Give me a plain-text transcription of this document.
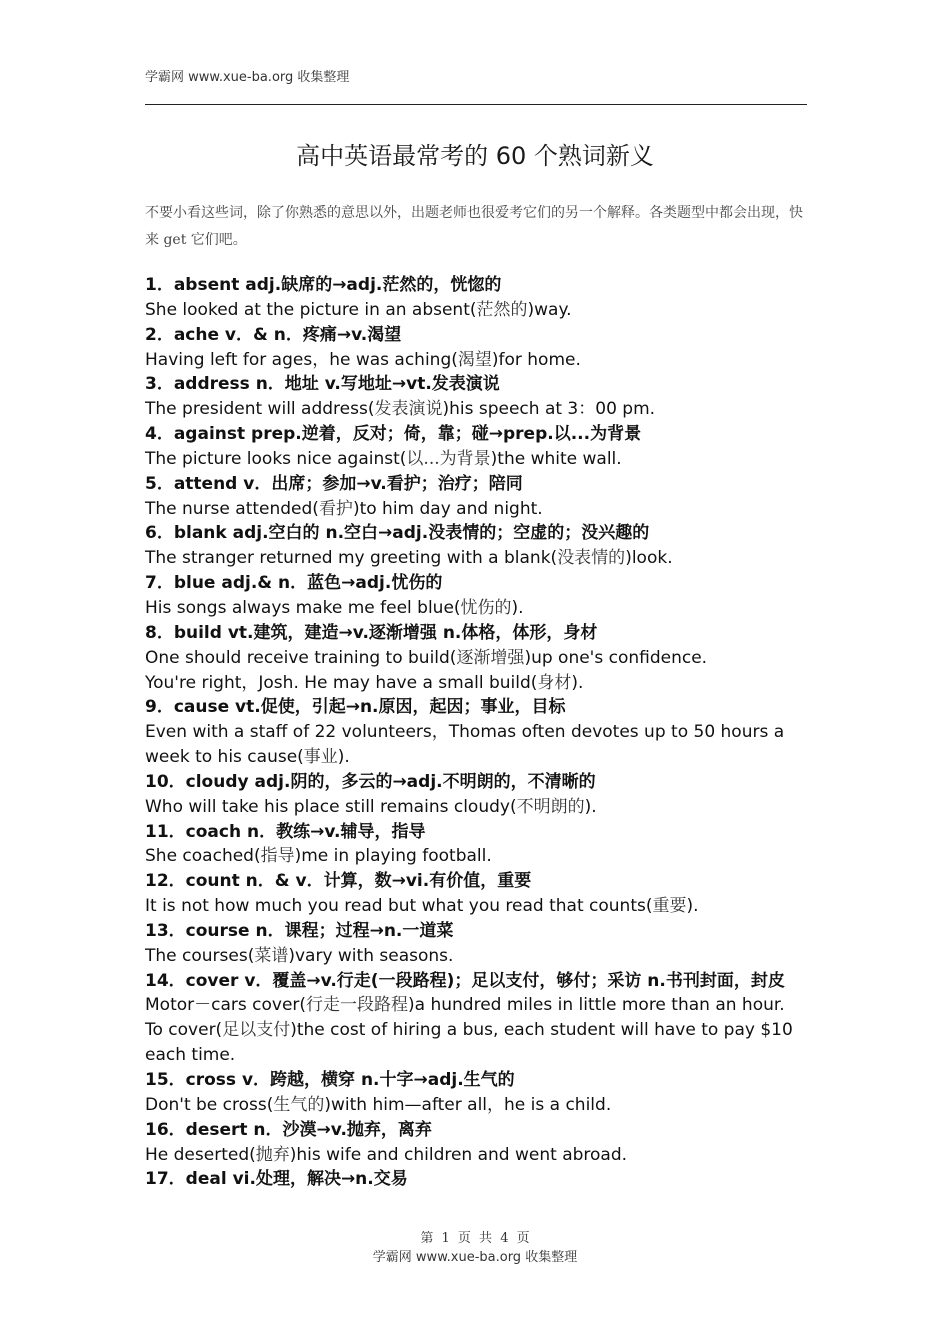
学霸网 www.xue-ba.org 收集整理
高中英语最常考的 60 个熟词新义
不要小看这些词，除了你熟悉的意思以外，出题老师也很爱考它们的另一个解释。各类题型中都会出现，快来 get 它们吧。

1．absent adj.缺席的→adj.茫然的，恍惚的

She looked at the picture in an absent(茫然的)way.

2．ache v．& n．疼痛→v.渴望

Having left for ages，he was aching(渴望)for home.

3．address n．地址 v.写地址→vt.发表演说

The president will address(发表演说)his speech at 3：00 pm.

4．against prep.逆着，反对；倚，靠；碰→prep.以...为背景

The picture looks nice against(以...为背景)the white wall.

5．attend v．出席；参加→v.看护；治疗；陪同

The nurse attended(看护)to him day and night.

6．blank adj.空白的 n.空白→adj.没表情的；空虚的；没兴趣的

The stranger returned my greeting with a blank(没表情的)look.

7．blue adj.& n．蓝色→adj.忧伤的

His songs always make me feel blue(忧伤的).

8．build vt.建筑，建造→v.逐渐增强 n.体格，体形，身材

One should receive training to build(逐渐增强)up one's confidence.

You're right，Josh. He may have a small build(身材).

9．cause vt.促使，引起→n.原因，起因；事业，目标

Even with a staff of 22 volunteers，Thomas often devotes up to 50 hours a week to his cause(事业).

10．cloudy adj.阴的，多云的→adj.不明朗的，不清晰的

Who will take his place still remains cloudy(不明朗的).

11．coach n．教练→v.辅导，指导

She coached(指导)me in playing football.

12．count n．& v．计算，数→vi.有价值，重要

It is not how much you read but what you read that counts(重要).

13．course n．课程；过程→n.一道菜

The courses(菜谱)vary with seasons.

14．cover v．覆盖→v.行走(一段路程)；足以支付，够付；采访 n.书刊封面，封皮

Motor－cars cover(行走一段路程)a hundred miles in little more than an hour.

To cover(足以支付)the cost of hiring a bus, each student will have to pay $10 each time.

15．cross v．跨越，横穿 n.十字→adj.生气的

Don't be cross(生气的)with him—after all，he is a child.

16．desert n．沙漠→v.抛弃，离弃

He deserted(抛弃)his wife and children and went abroad.

17．deal vi.处理，解决→n.交易

第 1 页 共 4 页
学霸网 www.xue-ba.org 收集整理
